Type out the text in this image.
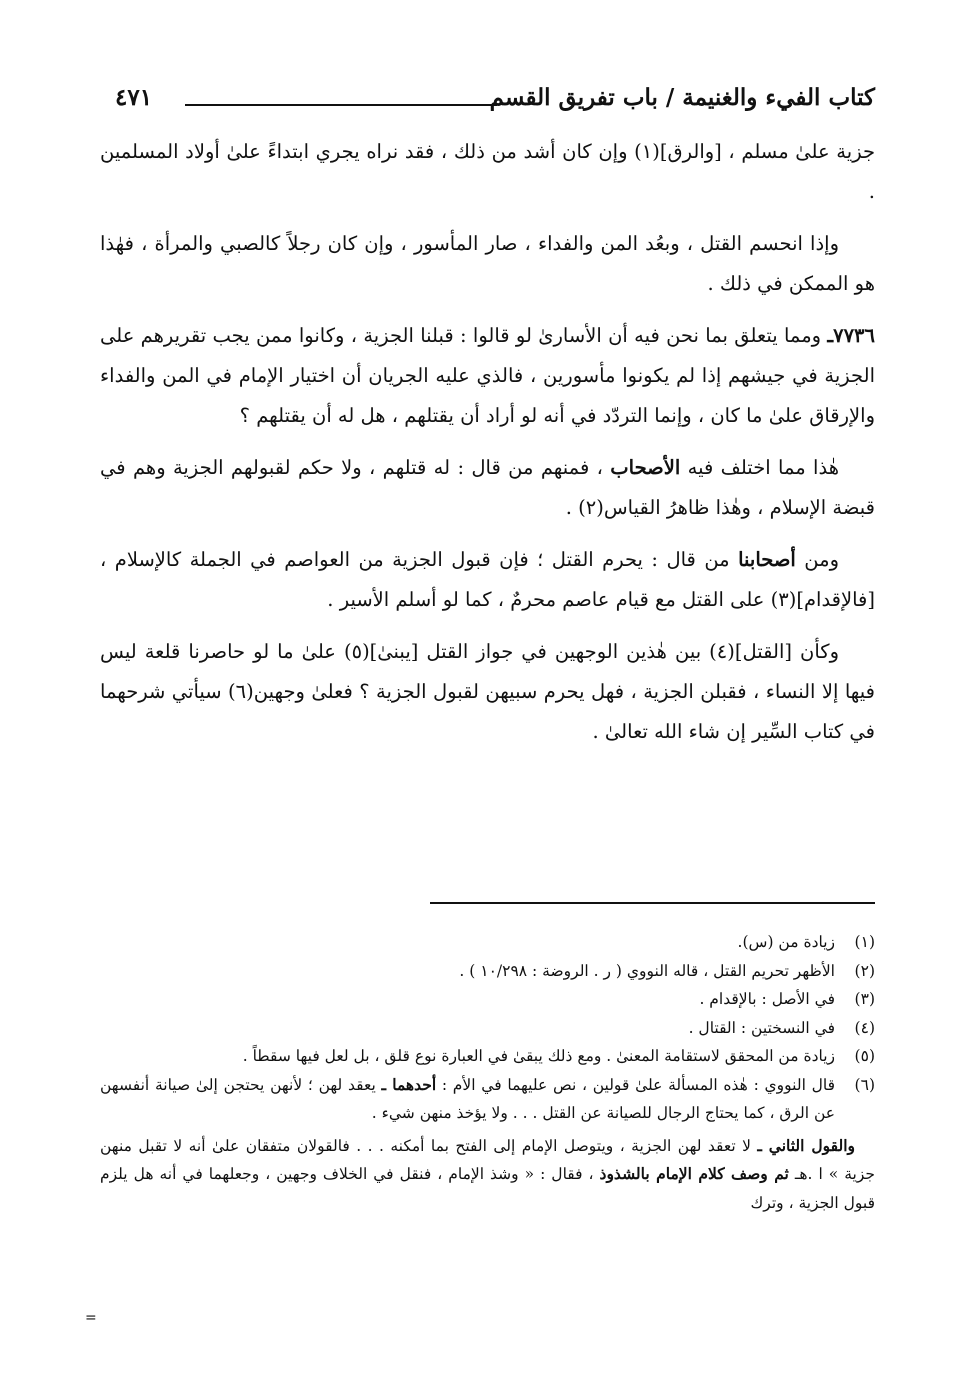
كتاب الفيء والغنيمة / باب تفريق القسم
٤٧١

جزية علىٰ مسلم ، [والرق](١) وإن كان أشد من ذلك ، فقد نراه يجري ابتداءً علىٰ أولاد المسلمين .

وإذا انحسم القتل ، وبعُد المن والفداء ، صار المأسور ، وإن كان رجلاً كالصبي والمرأة ، فهٰذا هو الممكن في ذلك .

٧٧٣٦ـ ومما يتعلق بما نحن فيه أن الأسارىٰ لو قالوا : قبلنا الجزية ، وكانوا ممن يجب تقريرهم على الجزية في جيشهم إذا لم يكونوا مأسورين ، فالذي عليه الجريان أن اختيار الإمام في المن والفداء والإرقاق علىٰ ما كان ، وإنما التردّد في أنه لو أراد أن يقتلهم ، هل له أن يقتلهم ؟

هٰذا مما اختلف فيه الأصحاب ، فمنهم من قال : له قتلهم ، ولا حكم لقبولهم الجزية وهم في قبضة الإسلام ، وهٰذا ظاهرُ القياس(٢) .

ومن أصحابنا من قال : يحرم القتل ؛ فإن قبول الجزية من العواصم في الجملة كالإسلام ، [فالإقدام](٣) على القتل مع قيام عاصم محرمٌ ، كما لو أسلم الأسير .

وكأن [القتل](٤) بين هٰذين الوجهين في جواز القتل [يبنىٰ](٥) علىٰ ما لو حاصرنا قلعة ليس فيها إلا النساء ، فقبلن الجزية ، فهل يحرم سبيهن لقبول الجزية ؟ فعلىٰ وجهين(٦) سيأتي شرحهما في كتاب السِّير إن شاء الله تعالىٰ .

(١)
زيادة من (س).
(٢)
الأظهر تحريم القتل ، قاله النووي ( ر . الروضة : ١٠/٢٩٨ ) .
(٣)
في الأصل : بالإقدام .
(٤)
في النسختين : القتال .
(٥)
زيادة من المحقق لاستقامة المعنىٰ . ومع ذلك يبقىٰ في العبارة نوع قلق ، بل لعل فيها سقطاً .
(٦)
قال النووي : هٰذه المسألة علىٰ قولين ، نص عليهما في الأم : أحدهما ـ يعقد لهن ؛ لأنهن يحتجن إلىٰ صيانة أنفسهن عن الرق ، كما يحتاج الرجال للصيانة عن القتل . . . ولا يؤخذ منهن شيء .
والقول الثاني ـ لا تعقد لهن الجزية ، ويتوصل الإمام إلى الفتح بما أمكنه . . . فالقولان متفقان علىٰ أنه لا تقبل منهن جزية » ا .هـ ثم وصف كلام الإمام بالشذوذ ، فقال : « وشذ الإمام ، فنقل في الخلاف وجهين ، وجعلهما في أنه هل يلزم قبول الجزية ، وترك
=
